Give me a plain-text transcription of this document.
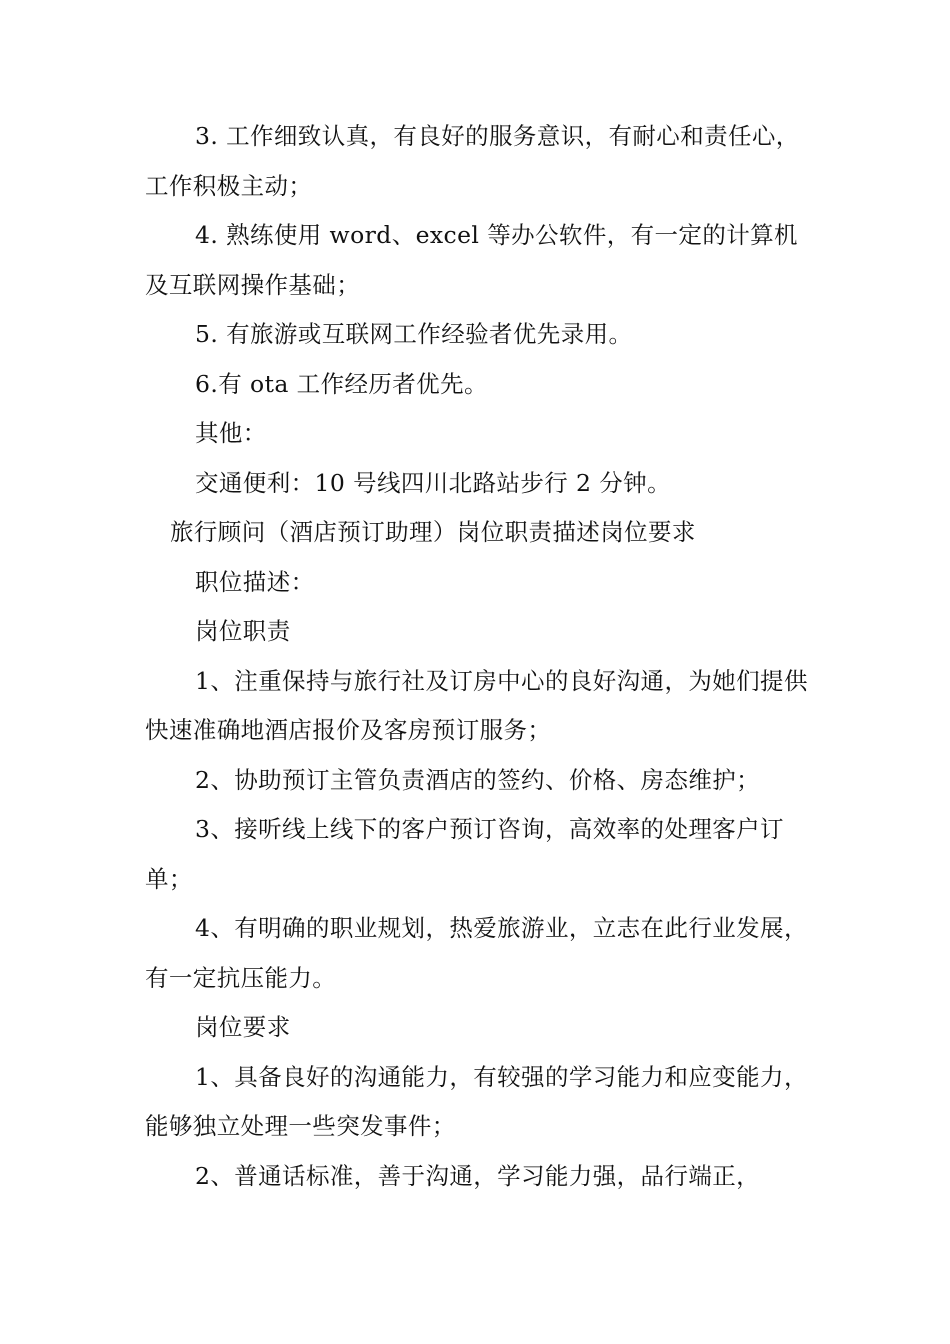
3. 工作细致认真，有良好的服务意识，有耐心和责任心，工作积极主动；

4. 熟练使用 word、excel 等办公软件，有一定的计算机及互联网操作基础；

5. 有旅游或互联网工作经验者优先录用。

6.有 ota 工作经历者优先。

其他：

交通便利：10 号线四川北路站步行 2 分钟。

旅行顾问（酒店预订助理）岗位职责描述岗位要求

职位描述：

岗位职责

1、注重保持与旅行社及订房中心的良好沟通，为她们提供快速准确地酒店报价及客房预订服务；

2、协助预订主管负责酒店的签约、价格、房态维护；

3、接听线上线下的客户预订咨询，高效率的处理客户订单；

4、有明确的职业规划，热爱旅游业，立志在此行业发展，有一定抗压能力。

岗位要求

1、具备良好的沟通能力，有较强的学习能力和应变能力，能够独立处理一些突发事件；

2、普通话标准，善于沟通，学习能力强，品行端正，
